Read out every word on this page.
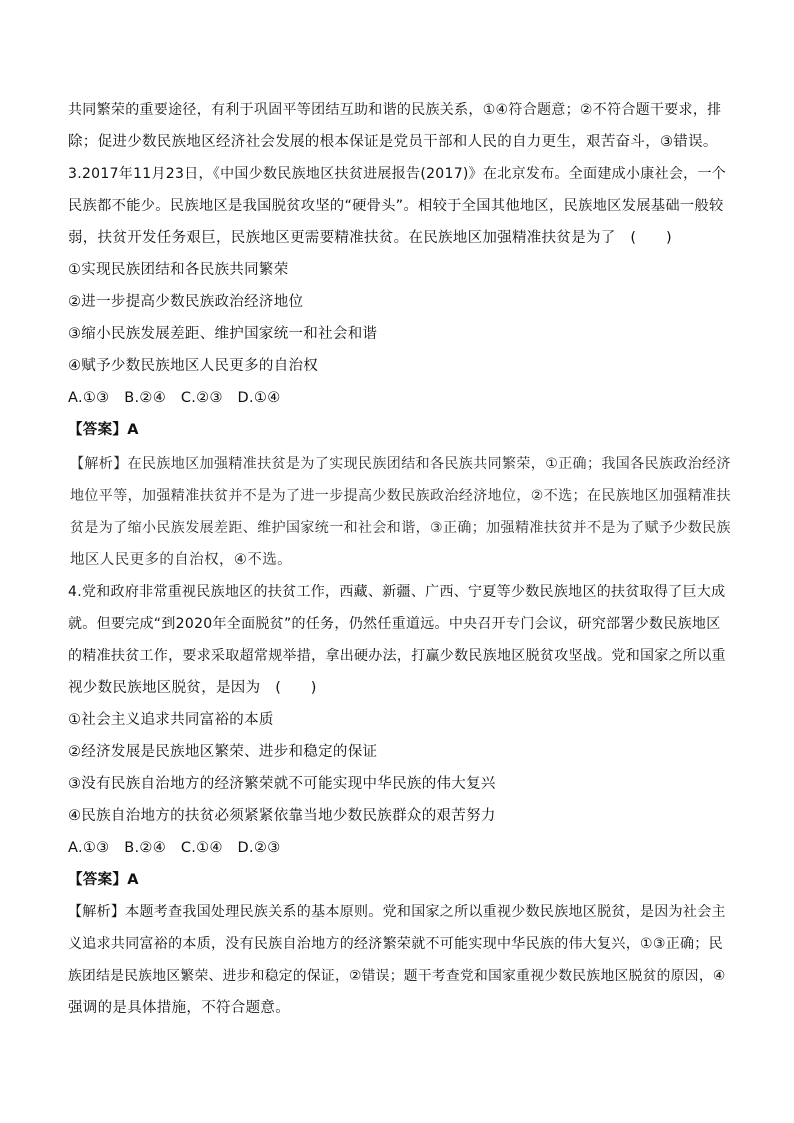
共同繁荣的重要途径，有利于巩固平等团结互助和谐的民族关系，①④符合题意；②不符合题干要求，排
除；促进少数民族地区经济社会发展的根本保证是党员干部和人民的自力更生，艰苦奋斗，③错误。
3.2017年11月23日，《中国少数民族地区扶贫进展报告(2017)》在北京发布。全面建成小康社会，一个
民族都不能少。民族地区是我国脱贫攻坚的“硬骨头”。相较于全国其他地区，民族地区发展基础一般较
弱，扶贫开发任务艰巨，民族地区更需要精准扶贫。在民族地区加强精准扶贫是为了　(　　)
①实现民族团结和各民族共同繁荣
②进一步提高少数民族政治经济地位
③缩小民族发展差距、维护国家统一和社会和谐
④赋予少数民族地区人民更多的自治权
A.①③　B.②④　C.②③　D.①④
【答案】A
【解析】在民族地区加强精准扶贫是为了实现民族团结和各民族共同繁荣，①正确；我国各民族政治经济
地位平等，加强精准扶贫并不是为了进一步提高少数民族政治经济地位，②不选；在民族地区加强精准扶
贫是为了缩小民族发展差距、维护国家统一和社会和谐，③正确；加强精准扶贫并不是为了赋予少数民族
地区人民更多的自治权，④不选。
4.党和政府非常重视民族地区的扶贫工作，西藏、新疆、广西、宁夏等少数民族地区的扶贫取得了巨大成
就。但要完成“到2020年全面脱贫”的任务，仍然任重道远。中央召开专门会议，研究部署少数民族地区
的精准扶贫工作，要求采取超常规举措，拿出硬办法，打赢少数民族地区脱贫攻坚战。党和国家之所以重
视少数民族地区脱贫，是因为　(　　)
①社会主义追求共同富裕的本质
②经济发展是民族地区繁荣、进步和稳定的保证
③没有民族自治地方的经济繁荣就不可能实现中华民族的伟大复兴
④民族自治地方的扶贫必须紧紧依靠当地少数民族群众的艰苦努力
A.①③　B.②④　C.①④　D.②③
【答案】A
【解析】本题考查我国处理民族关系的基本原则。党和国家之所以重视少数民族地区脱贫，是因为社会主
义追求共同富裕的本质，没有民族自治地方的经济繁荣就不可能实现中华民族的伟大复兴，①③正确；民
族团结是民族地区繁荣、进步和稳定的保证，②错误；题干考查党和国家重视少数民族地区脱贫的原因，④
强调的是具体措施，不符合题意。
